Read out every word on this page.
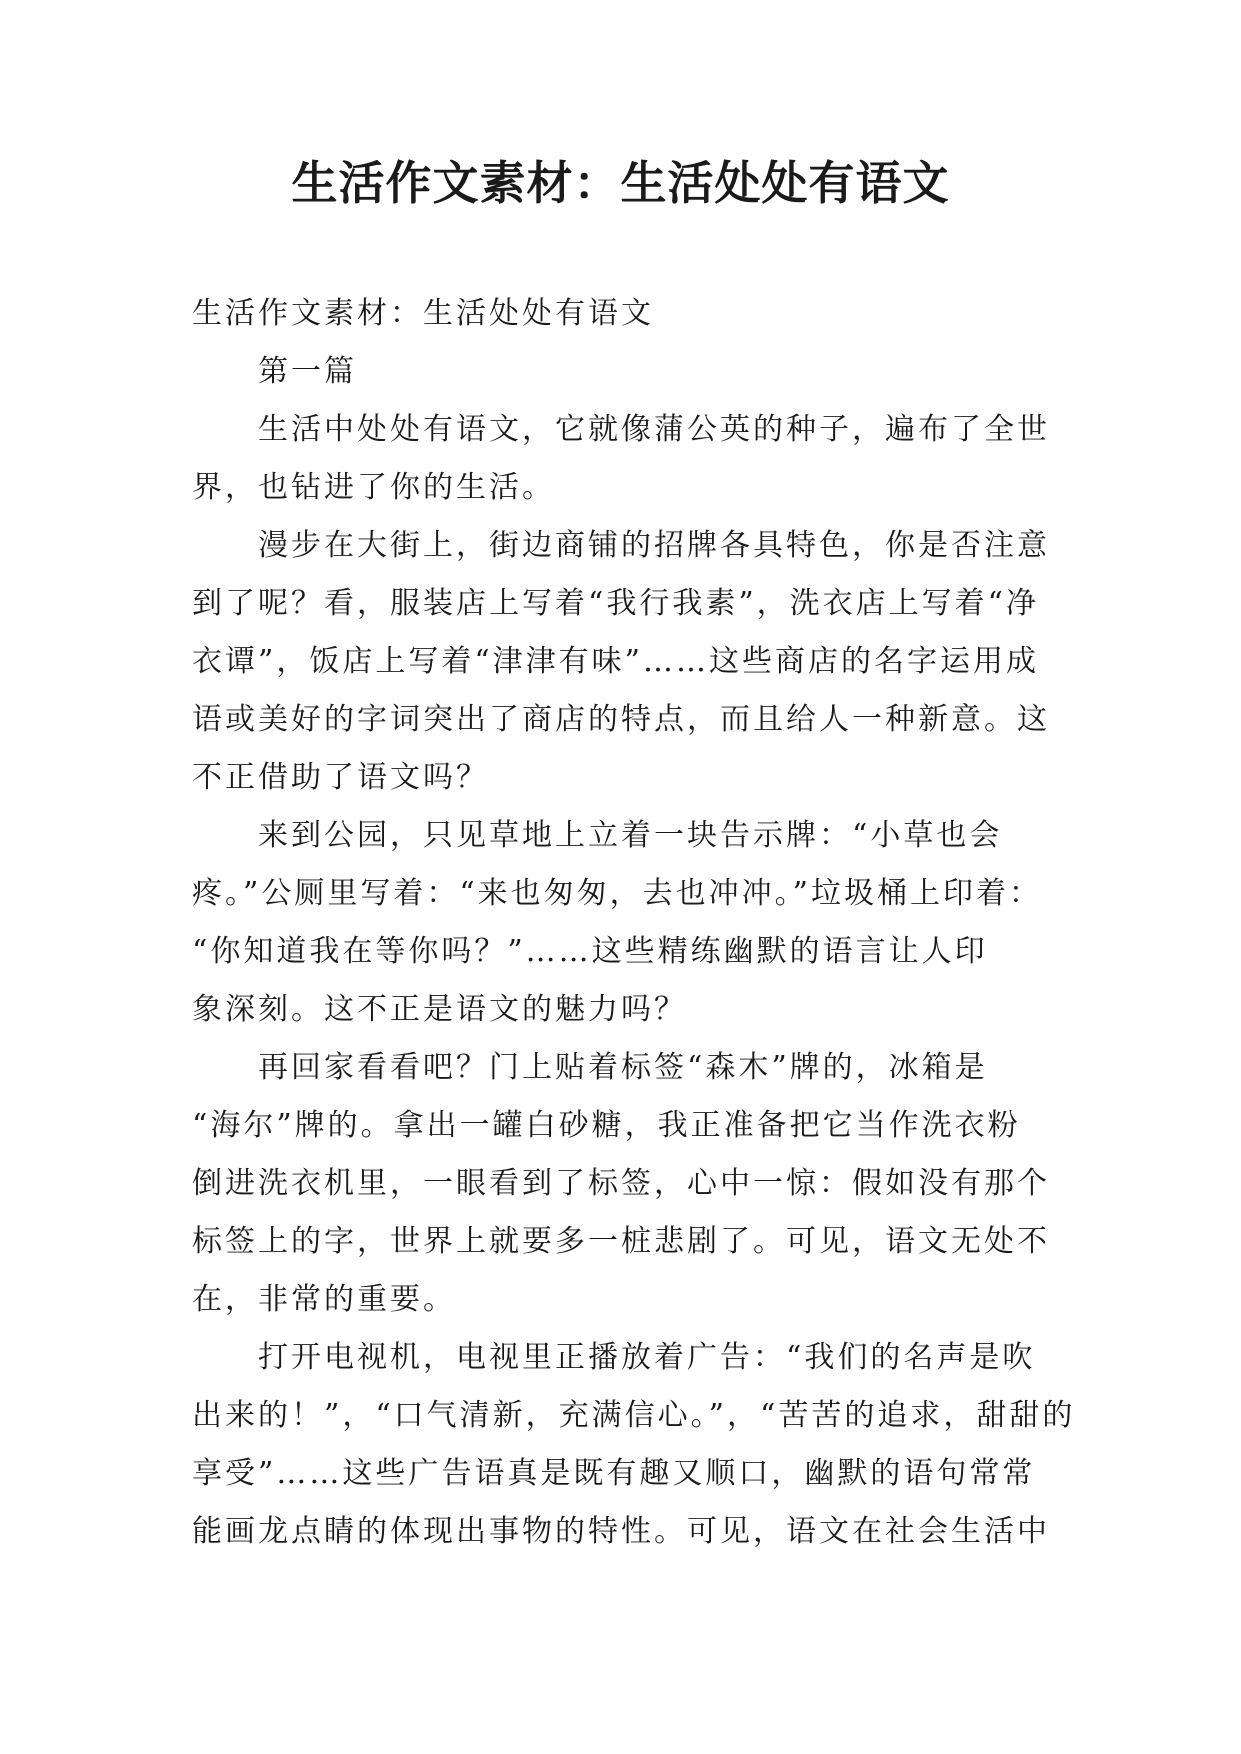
生活作文素材：生活处处有语文
生活作文素材：生活处处有语文
第一篇
生活中处处有语文，它就像蒲公英的种子，遍布了全世
界，也钻进了你的生活。
漫步在大街上，街边商铺的招牌各具特色，你是否注意
到了呢？看，服装店上写着“我行我素”，洗衣店上写着“净
衣谭”，饭店上写着“津津有味”……这些商店的名字运用成
语或美好的字词突出了商店的特点，而且给人一种新意。这
不正借助了语文吗？
来到公园，只见草地上立着一块告示牌：“小草也会
疼。”公厕里写着：“来也匆匆，去也冲冲。”垃圾桶上印着：
“你知道我在等你吗？”……这些精练幽默的语言让人印
象深刻。这不正是语文的魅力吗？
再回家看看吧？门上贴着标签“森木”牌的，冰箱是
“海尔”牌的。拿出一罐白砂糖，我正准备把它当作洗衣粉
倒进洗衣机里，一眼看到了标签，心中一惊：假如没有那个
标签上的字，世界上就要多一桩悲剧了。可见，语文无处不
在，非常的重要。
打开电视机，电视里正播放着广告：“我们的名声是吹
出来的！”，“口气清新，充满信心。”，“苦苦的追求，甜甜的
享受”……这些广告语真是既有趣又顺口，幽默的语句常常
能画龙点睛的体现出事物的特性。可见，语文在社会生活中
